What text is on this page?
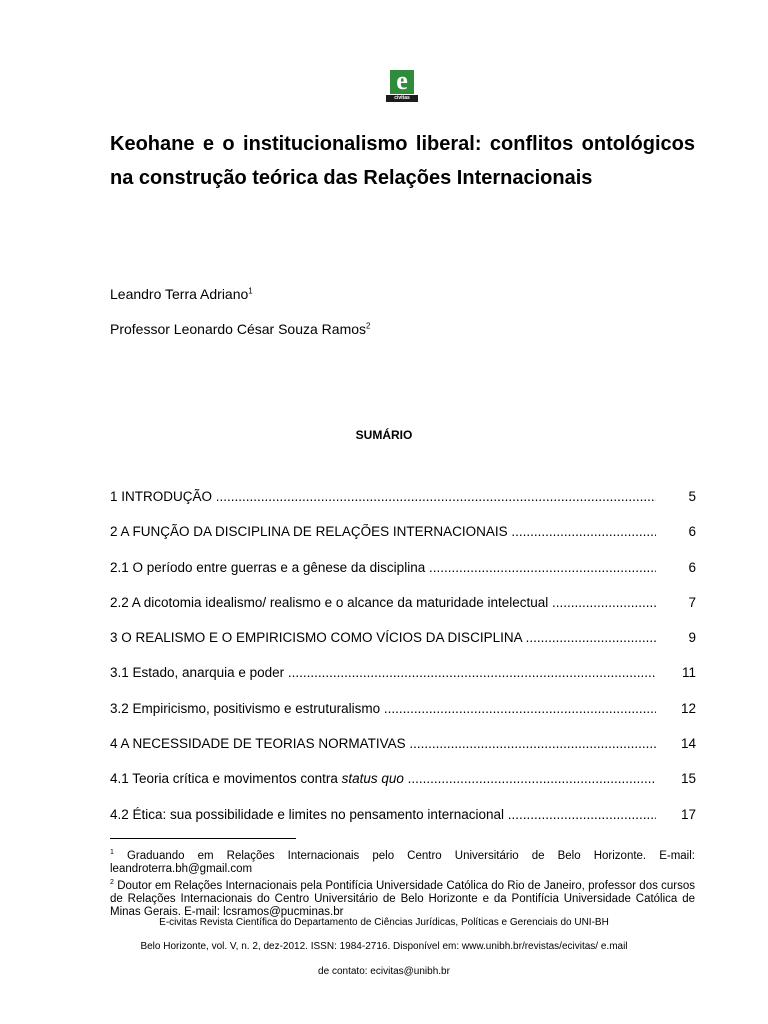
e
civitas
Keohane e o institucionalismo liberal: conflitos ontológicos na construção teórica das Relações Internacionais

Leandro Terra Adriano$^1$

Professor Leonardo César Souza Ramos$^2$

SUMÁRIO
1 INTRODUÇÃO .....	5
2 A FUNÇÃO DA DISCIPLINA DE RELAÇÕES INTERNACIONAIS .....	6
2.1 O período entre guerras e a gênese da disciplina .....	6
2.2 A dicotomia idealismo/ realismo e o alcance da maturidade intelectual .....	7
3 O REALISMO E O EMPIRICISMO COMO VÍCIOS DA DISCIPLINA .....	9
3.1 Estado, anarquia e poder .....	11
3.2 Empiricismo, positivismo e estruturalismo .....	12
4 A NECESSIDADE DE TEORIAS NORMATIVAS .....	14
4.1 Teoria crítica e movimentos contra status quo .....	15
4.2 Ética: sua possibilidade e limites no pensamento internacional .....	17

$^1$ Graduando em Relações Internacionais pelo Centro Universitário de Belo Horizonte. E-mail: leandroterra.bh@gmail.com

$^2$ Doutor em Relações Internacionais pela Pontifícia Universidade Católica do Rio de Janeiro, professor dos cursos de Relações Internacionais do Centro Universitário de Belo Horizonte e da Pontifícia Universidade Católica de Minas Gerais. E-mail: lcsramos@pucminas.br

E-civitas Revista Científica do Departamento de Ciências Jurídicas, Políticas e Gerenciais do UNI-BH

Belo Horizonte, vol. V, n. 2, dez-2012. ISSN: 1984-2716. Disponível em: www.unibh.br/revistas/ecivitas/ e.mail

de contato: ecivitas@unibh.br
